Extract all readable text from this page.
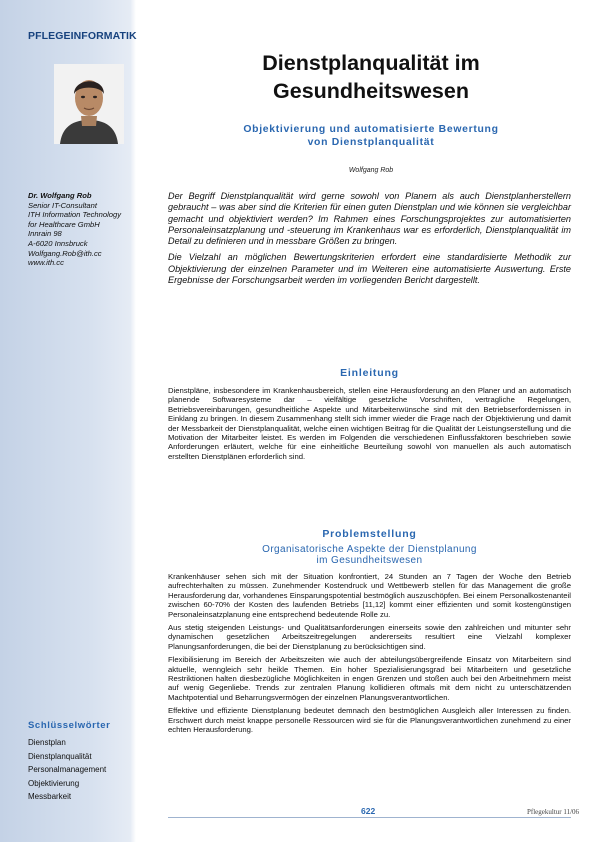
PFLEGEINFORMATIK
Dr. Wolfgang Rob
Senior IT-Consultant
ITH Information Technology
for Healthcare GmbH
Innrain 98
A-6020 Innsbruck
Wolfgang.Rob@ith.cc
www.ith.cc
Schlüsselwörter
Dienstplan
Dienstplanqualität
Personalmanagement
Objektivierung
Messbarkeit
Dienstplanqualität im Gesundheitswesen
Objektivierung und automatisierte Bewertung
von Dienstplanqualität
Wolfgang Rob

Der Begriff Dienstplanqualität wird gerne sowohl von Planern als auch Dienstplanherstellern gebraucht – was aber sind die Kriterien für einen guten Dienstplan und wie können sie vergleichbar gemacht und objektiviert werden? Im Rahmen eines Forschungsprojektes zur automatisierten Personaleinsatzplanung und -steuerung im Krankenhaus war es erforderlich, Dienstplanqualität im Detail zu definieren und in messbare Größen zu bringen.

Die Vielzahl an möglichen Bewertungskriterien erfordert eine standardisierte Methodik zur Objektivierung der einzelnen Parameter und im Weiteren eine automatisierte Auswertung. Erste Ergebnisse der Forschungsarbeit werden im vorliegenden Bericht dargestellt.

Einleitung

Dienstpläne, insbesondere im Krankenhausbereich, stellen eine Herausforderung an den Planer und an automatisch planende Softwaresysteme dar – vielfältige gesetzliche Vorschriften, vertragliche Regelungen, Betriebsvereinbarungen, gesundheitliche Aspekte und Mitarbeiterwünsche sind mit den Betriebserfordernissen in Einklang zu bringen. In diesem Zusammenhang stellt sich immer wieder die Frage nach der Objektivierung und damit der Messbarkeit der Dienstplanqualität, welche einen wichtigen Beitrag für die Qualität der Leistungserstellung und die Motivation der Mitarbeiter leistet. Es werden im Folgenden die verschiedenen Einflussfaktoren beschrieben sowie Anforderungen erläutert, welche für eine einheitliche Beurteilung sowohl von manuellen als auch automatisch erstellten Dienstplänen erforderlich sind.

Problemstellung
Organisatorische Aspekte der Dienstplanung
im Gesundheitswesen

Krankenhäuser sehen sich mit der Situation konfrontiert, 24 Stunden an 7 Tagen der Woche den Betrieb aufrechterhalten zu müssen. Zunehmender Kostendruck und Wettbewerb stellen für das Management die große Herausforderung dar, vorhandenes Einsparungspotential bestmöglich auszuschöpfen. Bei einem Personalkostenanteil zwischen 60-70% der Kosten des laufenden Betriebs [11,12] kommt einer effizienten und somit kostengünstigen Personaleinsatzplanung eine entsprechend bedeutende Rolle zu.

Aus stetig steigenden Leistungs- und Qualitätsanforderungen einerseits sowie den zahlreichen und mitunter sehr dynamischen gesetzlichen Arbeitszeitregelungen andererseits resultiert eine Vielzahl komplexer Planungsanforderungen, die bei der Dienstplanung zu berücksichtigen sind.

Flexibilisierung im Bereich der Arbeitszeiten wie auch der abteilungsübergreifende Einsatz von Mitarbeitern sind aktuelle, wenngleich sehr heikle Themen. Ein hoher Spezialisierungsgrad bei Mitarbeitern und gesetzliche Restriktionen halten diesbezügliche Möglichkeiten in engen Grenzen und stoßen auch bei den Arbeitnehmern meist auf wenig Gegenliebe. Trends zur zentralen Planung kollidieren oftmals mit dem nicht zu unterschätzenden Machtpotential und Beharrungsvermögen der einzelnen Planungsverantwortlichen.

Effektive und effiziente Dienstplanung bedeutet demnach den bestmöglichen Ausgleich aller Interessen zu finden. Erschwert durch meist knappe personelle Ressourcen wird sie für die Planungsverantwortlichen zunehmend zu einer echten Herausforderung.

622	Pflegekultur 11/06
